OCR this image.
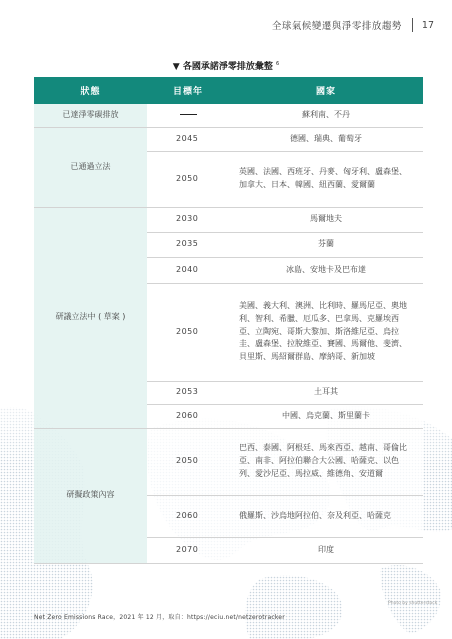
全球氣候變遷與淨零排放趨勢 17
▼ 各國承諾淨零排放彙整 $^6$
狀態	目標年	國家
已達淨零碳排放		蘇利南、不丹
已通過立法	2045	德國、瑞典、葡萄牙
	2050	英國、法國、西班牙、丹麥、匈牙利、盧森堡、加拿大、日本、韓國、紐西蘭、愛爾蘭
研議立法中 ( 草案 )	2030	馬爾地夫
	2035	芬蘭
	2040	冰島、安地卡及巴布達
	2050	美國、義大利、澳洲、比利時、羅馬尼亞、奧地利、智利、希臘、厄瓜多、巴拿馬、克羅埃西亞、立陶宛、哥斯大黎加、斯洛維尼亞、烏拉圭、盧森堡、拉脫維亞、賽國、馬爾他、斐濟、貝里斯、馬紹爾群島、摩納哥、新加坡
	2053	土耳其
	2060	中國、烏克蘭、斯里蘭卡
研擬政策內容	2050	巴西、泰國、阿根廷、馬來西亞、越南、哥倫比亞、南非、阿拉伯聯合大公國、哈薩克、以色列、愛沙尼亞、馬拉威、維德角、安道爾
	2060	俄羅斯、沙烏地阿拉伯、奈及利亞、哈薩克
	2070	印度
Net Zero Emissions Race，2021 年 12 月，取自：https://eciu.net/netzerotracker
Photo by shutterstock
